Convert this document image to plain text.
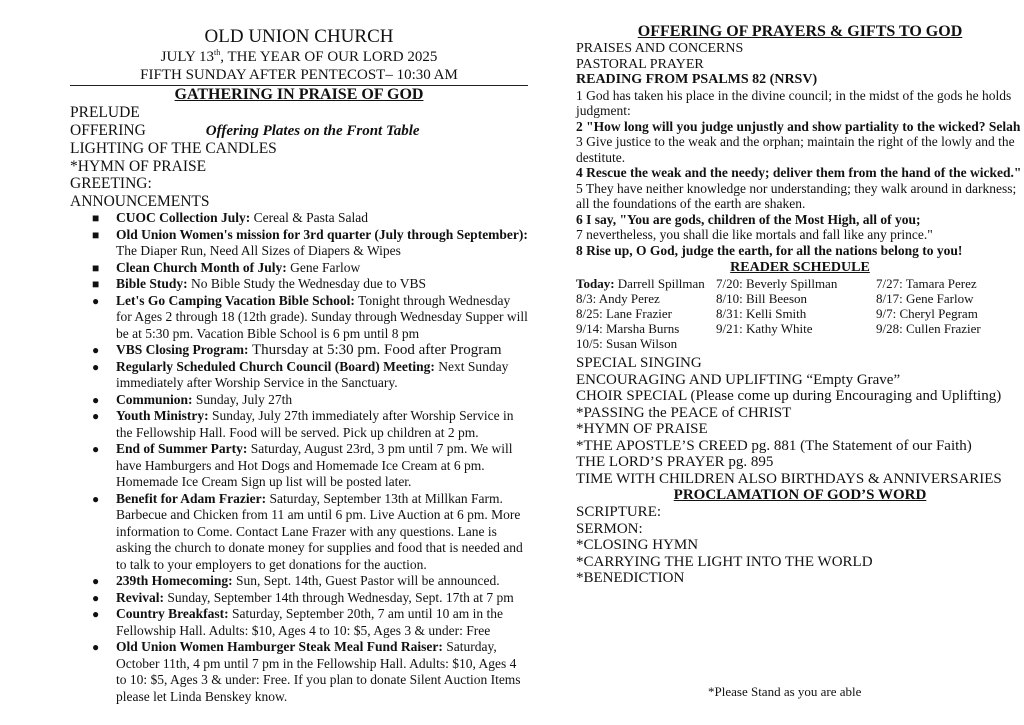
OLD UNION CHURCH

JULY 13th, THE YEAR OF OUR LORD 2025

FIFTH SUNDAY AFTER PENTECOST– 10:30 AM

GATHERING IN PRAISE OF GOD

PRELUDE

OFFERING	Offering Plates on the Front Table

LIGHTING OF THE CANDLES

*HYMN OF PRAISE

GREETING:

ANNOUNCEMENTS

■ CUOC Collection July: Cereal & Pasta Salad
■ Old Union Women's mission for 3rd quarter (July through September): The Diaper Run, Need All Sizes of Diapers & Wipes
■ Clean Church Month of July: Gene Farlow
■ Bible Study: No Bible Study the Wednesday due to VBS
● Let's Go Camping Vacation Bible School: Tonight through Wednesday for Ages 2 through 18 (12th grade). Sunday through Wednesday Supper will be at 5:30 pm. Vacation Bible School is 6 pm until 8 pm
● VBS Closing Program: Thursday at 5:30 pm. Food after Program
● Regularly Scheduled Church Council (Board) Meeting: Next Sunday immediately after Worship Service in the Sanctuary.
● Communion: Sunday, July 27th
● Youth Ministry: Sunday, July 27th immediately after Worship Service in the Fellowship Hall. Food will be served. Pick up children at 2 pm.
● End of Summer Party: Saturday, August 23rd, 3 pm until 7 pm. We will have Hamburgers and Hot Dogs and Homemade Ice Cream at 6 pm. Homemade Ice Cream Sign up list will be posted later.
● Benefit for Adam Frazier: Saturday, September 13th at Millkan Farm. Barbecue and Chicken from 11 am until 6 pm. Live Auction at 6 pm. More information to Come. Contact Lane Frazer with any questions. Lane is asking the church to donate money for supplies and food that is needed and to talk to your employers to get donations for the auction.
● 239th Homecoming: Sun, Sept. 14th, Guest Pastor will be announced.
● Revival: Sunday, September 14th through Wednesday, Sept. 17th at 7 pm
● Country Breakfast: Saturday, September 20th, 7 am until 10 am in the Fellowship Hall. Adults: $10, Ages 4 to 10: $5, Ages 3 & under: Free
● Old Union Women Hamburger Steak Meal Fund Raiser: Saturday, October 11th, 4 pm until 7 pm in the Fellowship Hall. Adults: $10, Ages 4 to 10: $5, Ages 3 & under: Free. If you plan to donate Silent Auction Items please let Linda Benskey know.

OFFERING OF PRAYERS & GIFTS TO GOD

PRAISES AND CONCERNS

PASTORAL PRAYER

READING FROM PSALMS 82 (NRSV)

1 God has taken his place in the divine council; in the midst of the gods he holds judgment:

2 "How long will you judge unjustly and show partiality to the wicked? Selah

3 Give justice to the weak and the orphan; maintain the right of the lowly and the destitute.

4 Rescue the weak and the needy; deliver them from the hand of the wicked."

5 They have neither knowledge nor understanding; they walk around in darkness; all the foundations of the earth are shaken.

6 I say, "You are gods, children of the Most High, all of you;

7 nevertheless, you shall die like mortals and fall like any prince."

8 Rise up, O God, judge the earth, for all the nations belong to you!

READER SCHEDULE

Today: Darrell Spillman 7/20: Beverly Spillman	7/27: Tamara Perez
8/3: Andy Perez	8/10: Bill Beeson	8/17: Gene Farlow
8/25: Lane Frazier	8/31: Kelli Smith	9/7: Cheryl Pegram
9/14: Marsha Burns	9/21: Kathy White	9/28: Cullen Frazier
10/5: Susan Wilson

SPECIAL SINGING

ENCOURAGING AND UPLIFTING “Empty Grave”

CHOIR SPECIAL (Please come up during Encouraging and Uplifting)

*PASSING the PEACE of CHRIST

*HYMN OF PRAISE

*THE APOSTLE’S CREED pg. 881 (The Statement of our Faith)

THE LORD’S PRAYER pg. 895

TIME WITH CHILDREN ALSO BIRTHDAYS & ANNIVERSARIES

PROCLAMATION OF GOD’S WORD

SCRIPTURE:

SERMON:

*CLOSING HYMN

*CARRYING THE LIGHT INTO THE WORLD

*BENEDICTION

*Please Stand as you are able
